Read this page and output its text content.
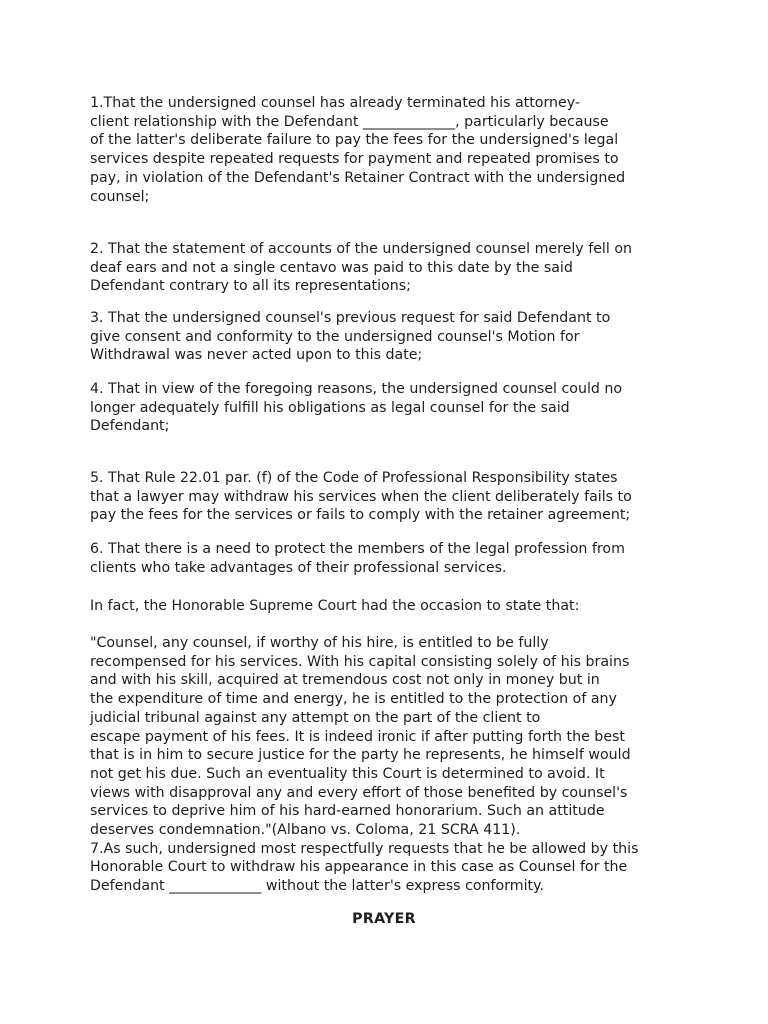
1.That the undersigned counsel has already terminated his attorney-
client relationship with the Defendant _____________, particularly because
of the latter's deliberate failure to pay the fees for the undersigned's legal
services despite repeated requests for payment and repeated promises to
pay, in violation of the Defendant's Retainer Contract with the undersigned
counsel;

2. That the statement of accounts of the undersigned counsel merely fell on
deaf ears and not a single centavo was paid to this date by the said
Defendant contrary to all its representations;

3. That the undersigned counsel's previous request for said Defendant to
give consent and conformity to the undersigned counsel's Motion for
Withdrawal was never acted upon to this date;

4. That in view of the foregoing reasons, the undersigned counsel could no
longer adequately fulfill his obligations as legal counsel for the said
Defendant;

5. That Rule 22.01 par. (f) of the Code of Professional Responsibility states
that a lawyer may withdraw his services when the client deliberately fails to
pay the fees for the services or fails to comply with the retainer agreement;

6. That there is a need to protect the members of the legal profession from
clients who take advantages of their professional services.

In fact, the Honorable Supreme Court had the occasion to state that:

"Counsel, any counsel, if worthy of his hire, is entitled to be fully
recompensed for his services. With his capital consisting solely of his brains
and with his skill, acquired at tremendous cost not only in money but in
the expenditure of time and energy, he is entitled to the protection of any
judicial tribunal against any attempt on the part of the client to
escape payment of his fees. It is indeed ironic if after putting forth the best
that is in him to secure justice for the party he represents, he himself would
not get his due. Such an eventuality this Court is determined to avoid. It
views with disapproval any and every effort of those benefited by counsel's
services to deprive him of his hard-earned honorarium. Such an attitude
deserves condemnation."(Albano vs. Coloma, 21 SCRA 411).
7.As such, undersigned most respectfully requests that he be allowed by this
Honorable Court to withdraw his appearance in this case as Counsel for the
Defendant _____________ without the latter's express conformity.

PRAYER
